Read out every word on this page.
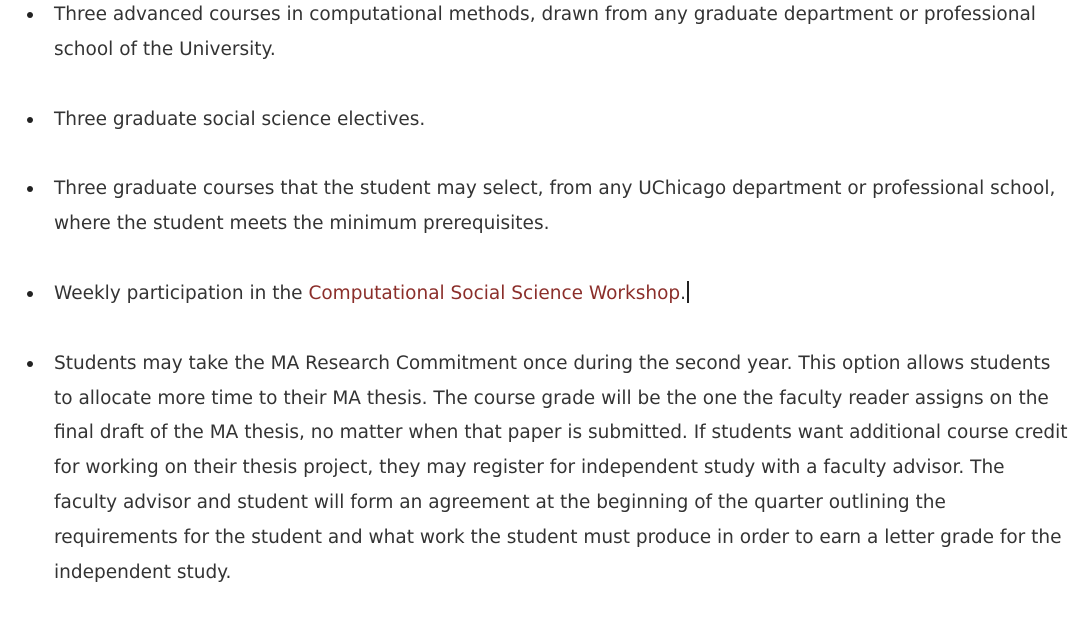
Three advanced courses in computational methods, drawn from any graduate department or professional school of the University.
Three graduate social science electives.
Three graduate courses that the student may select, from any UChicago department or professional school, where the student meets the minimum prerequisites.
Weekly participation in the Computational Social Science Workshop.
Students may take the MA Research Commitment once during the second year. This option allows students to allocate more time to their MA thesis. The course grade will be the one the faculty reader assigns on the final draft of the MA thesis, no matter when that paper is submitted. If students want additional course credit for working on their thesis project, they may register for independent study with a faculty advisor. The faculty advisor and student will form an agreement at the beginning of the quarter outlining the requirements for the student and what work the student must produce in order to earn a letter grade for the independent study.
